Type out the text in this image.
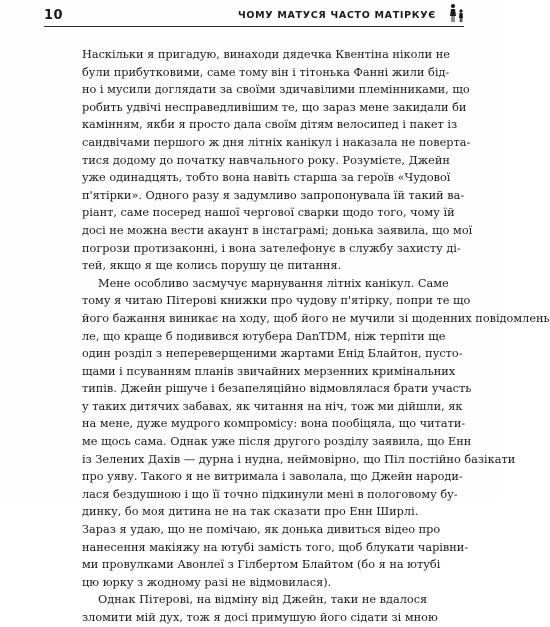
10	ЧОМУ МАТУСЯ ЧАСТО МАТІРКУЄ
Наскільки я пригадую, винаходи дядечка Квентіна ніколи не
були прибутковими, саме тому він і тітонька Фанні жили бід-
но і мусили доглядати за своїми здичавілими племінниками, що
робить удвічі несправедливішим те, що зараз мене закидали би
камінням, якби я просто дала своїм дітям велосипед і пакет із
сандвічами першого ж дня літніх канікул і наказала не поверта-
тися додому до початку навчального року. Розумієте, Джейн
уже одинадцять, тобто вона навіть старша за героїв «Чудової
п'ятірки». Одного разу я задумливо запропонувала їй такий ва-
ріант, саме посеред нашої чергової сварки щодо того, чому їй
досі не можна вести акаунт в інстаграмі; донька заявила, що мої
погрози протизаконні, і вона зателефонує в службу захисту ді-
тей, якщо я ще колись порушу це питання.
Мене особливо засмучує марнування літніх канікул. Саме
тому я читаю Пітерові книжки про чудову п'ятірку, попри те що
його бажання виникає на ходу, щоб його не мучили зі щоденних повідомлень
ле, що краще б подивився ютубера DanTDM, ніж терпіти ще
один розділ з непереверщеними жартами Енід Блайтон, пусто-
щами і псуванням планів звичайних мерзенних кримінальних
типів. Джейн рішуче і безапеляційно відмовлялася брати участь
у таких дитячих забавах, як читання на ніч, тож ми дійшли, як
на мене, дуже мудрого компромісу: вона пообіцяла, що читати-
ме щось сама. Однак уже після другого розділу заявила, що Енн
із Зелених Дахів — дурна і нудна, неймовірно, що Піл постійно базікати
про уяву. Такого я не витримала і заволала, що Джейн народи-
лася бездушною і що її точно підкинули мені в пологовому бу-
динку, бо моя дитина не на так сказати про Енн Ширлі.
Зараз я удаю, що не помічаю, як донька дивиться відео про
нанесення макіяжу на ютубі замість того, щоб блукати чарівни-
ми провулками Авонлеї з Гілбертом Блайтом (бо я на ютубі
цю юрку з жодному разі не відмовилася).
Однак Пітерові, на відміну від Джейн, таки не вдалося
зломити мій дух, тож я досі примушую його сідати зі мною
